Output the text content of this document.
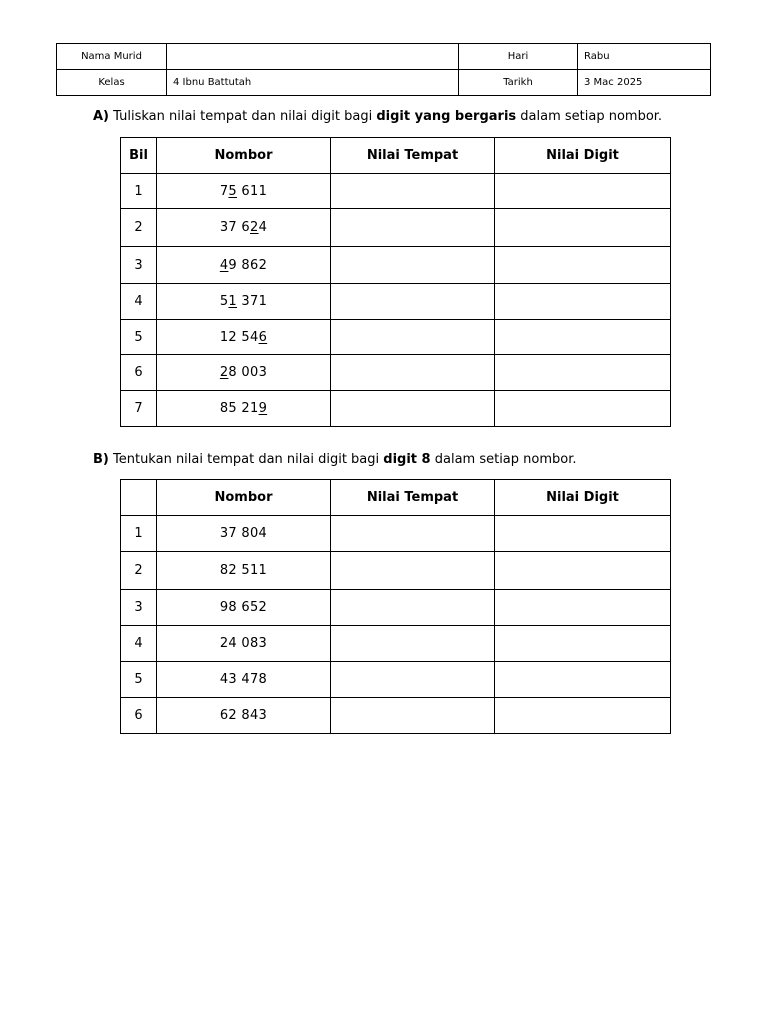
Nama Murid		Hari	Rabu
Kelas	4 Ibnu Battutah	Tarikh	3 Mac 2025
A) Tuliskan nilai tempat dan nilai digit bagi digit yang bergaris dalam setiap nombor.
Bil	Nombor	Nilai Tempat	Nilai Digit
1	75 611		
2	37 624		
3	49 862		
4	51 371		
5	12 546		
6	28 003		
7	85 219		
B) Tentukan nilai tempat dan nilai digit bagi digit 8 dalam setiap nombor.
	Nombor	Nilai Tempat	Nilai Digit
1	37 804		
2	82 511		
3	98 652		
4	24 083		
5	43 478		
6	62 843		
